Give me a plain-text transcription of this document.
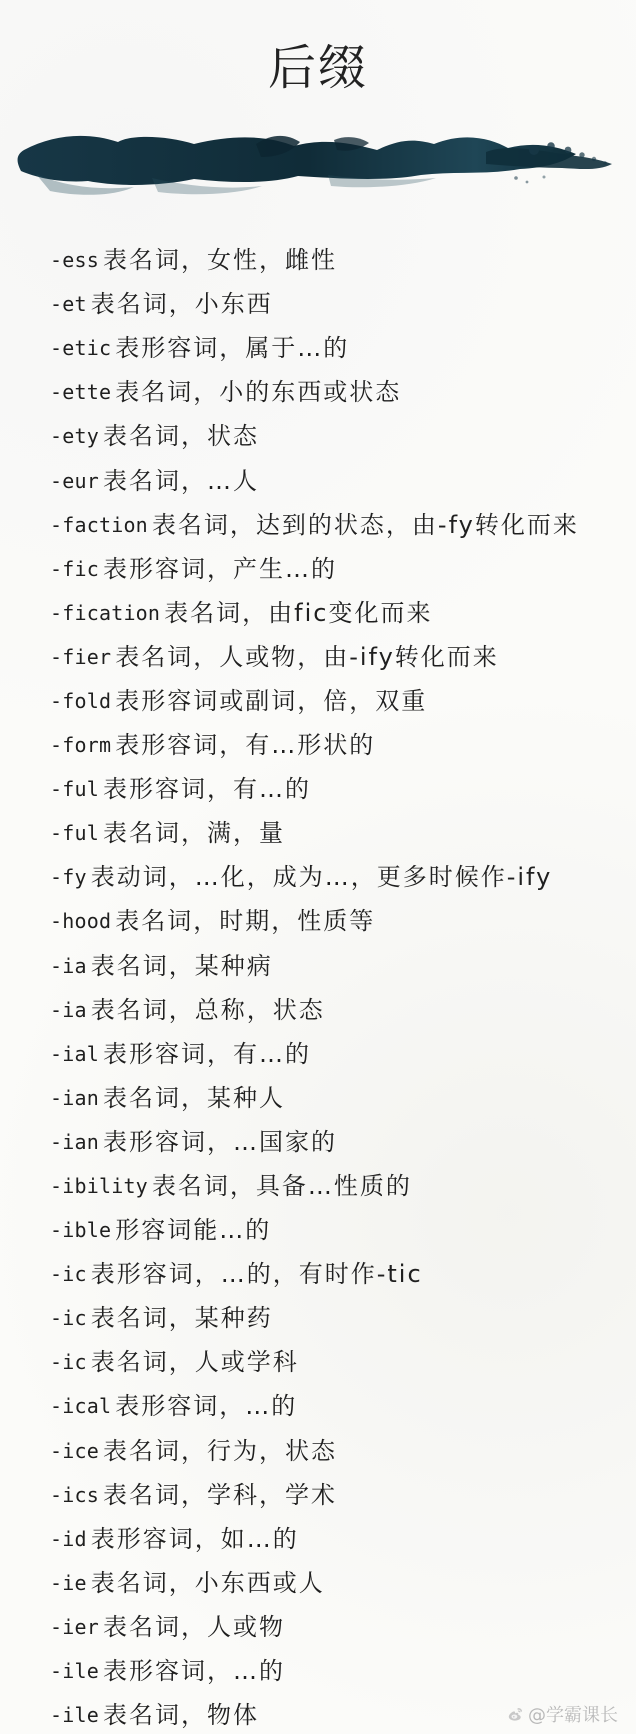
后缀
-ess 表名词，女性，雌性
-et 表名词，小东西
-etic 表形容词，属于…的
-ette 表名词，小的东西或状态
-ety 表名词，状态
-eur 表名词，…人
-faction 表名词，达到的状态，由-fy转化而来
-fic 表形容词，产生…的
-fication 表名词，由fic变化而来
-fier 表名词，人或物，由-ify转化而来
-fold 表形容词或副词，倍，双重
-form 表形容词，有…形状的
-ful 表形容词，有…的
-ful 表名词，满，量
-fy 表动词，…化，成为…，更多时候作-ify
-hood 表名词，时期，性质等
-ia 表名词，某种病
-ia 表名词，总称，状态
-ial 表形容词，有…的
-ian 表名词，某种人
-ian 表形容词，…国家的
-ibility 表名词，具备…性质的
-ible 形容词能…的
-ic 表形容词，…的，有时作-tic
-ic 表名词，某种药
-ic 表名词，人或学科
-ical 表形容词，…的
-ice 表名词，行为，状态
-ics 表名词，学科，学术
-id 表形容词，如…的
-ie 表名词，小东西或人
-ier 表名词，人或物
-ile 表形容词，…的
-ile 表名词，物体	@学霸课长
